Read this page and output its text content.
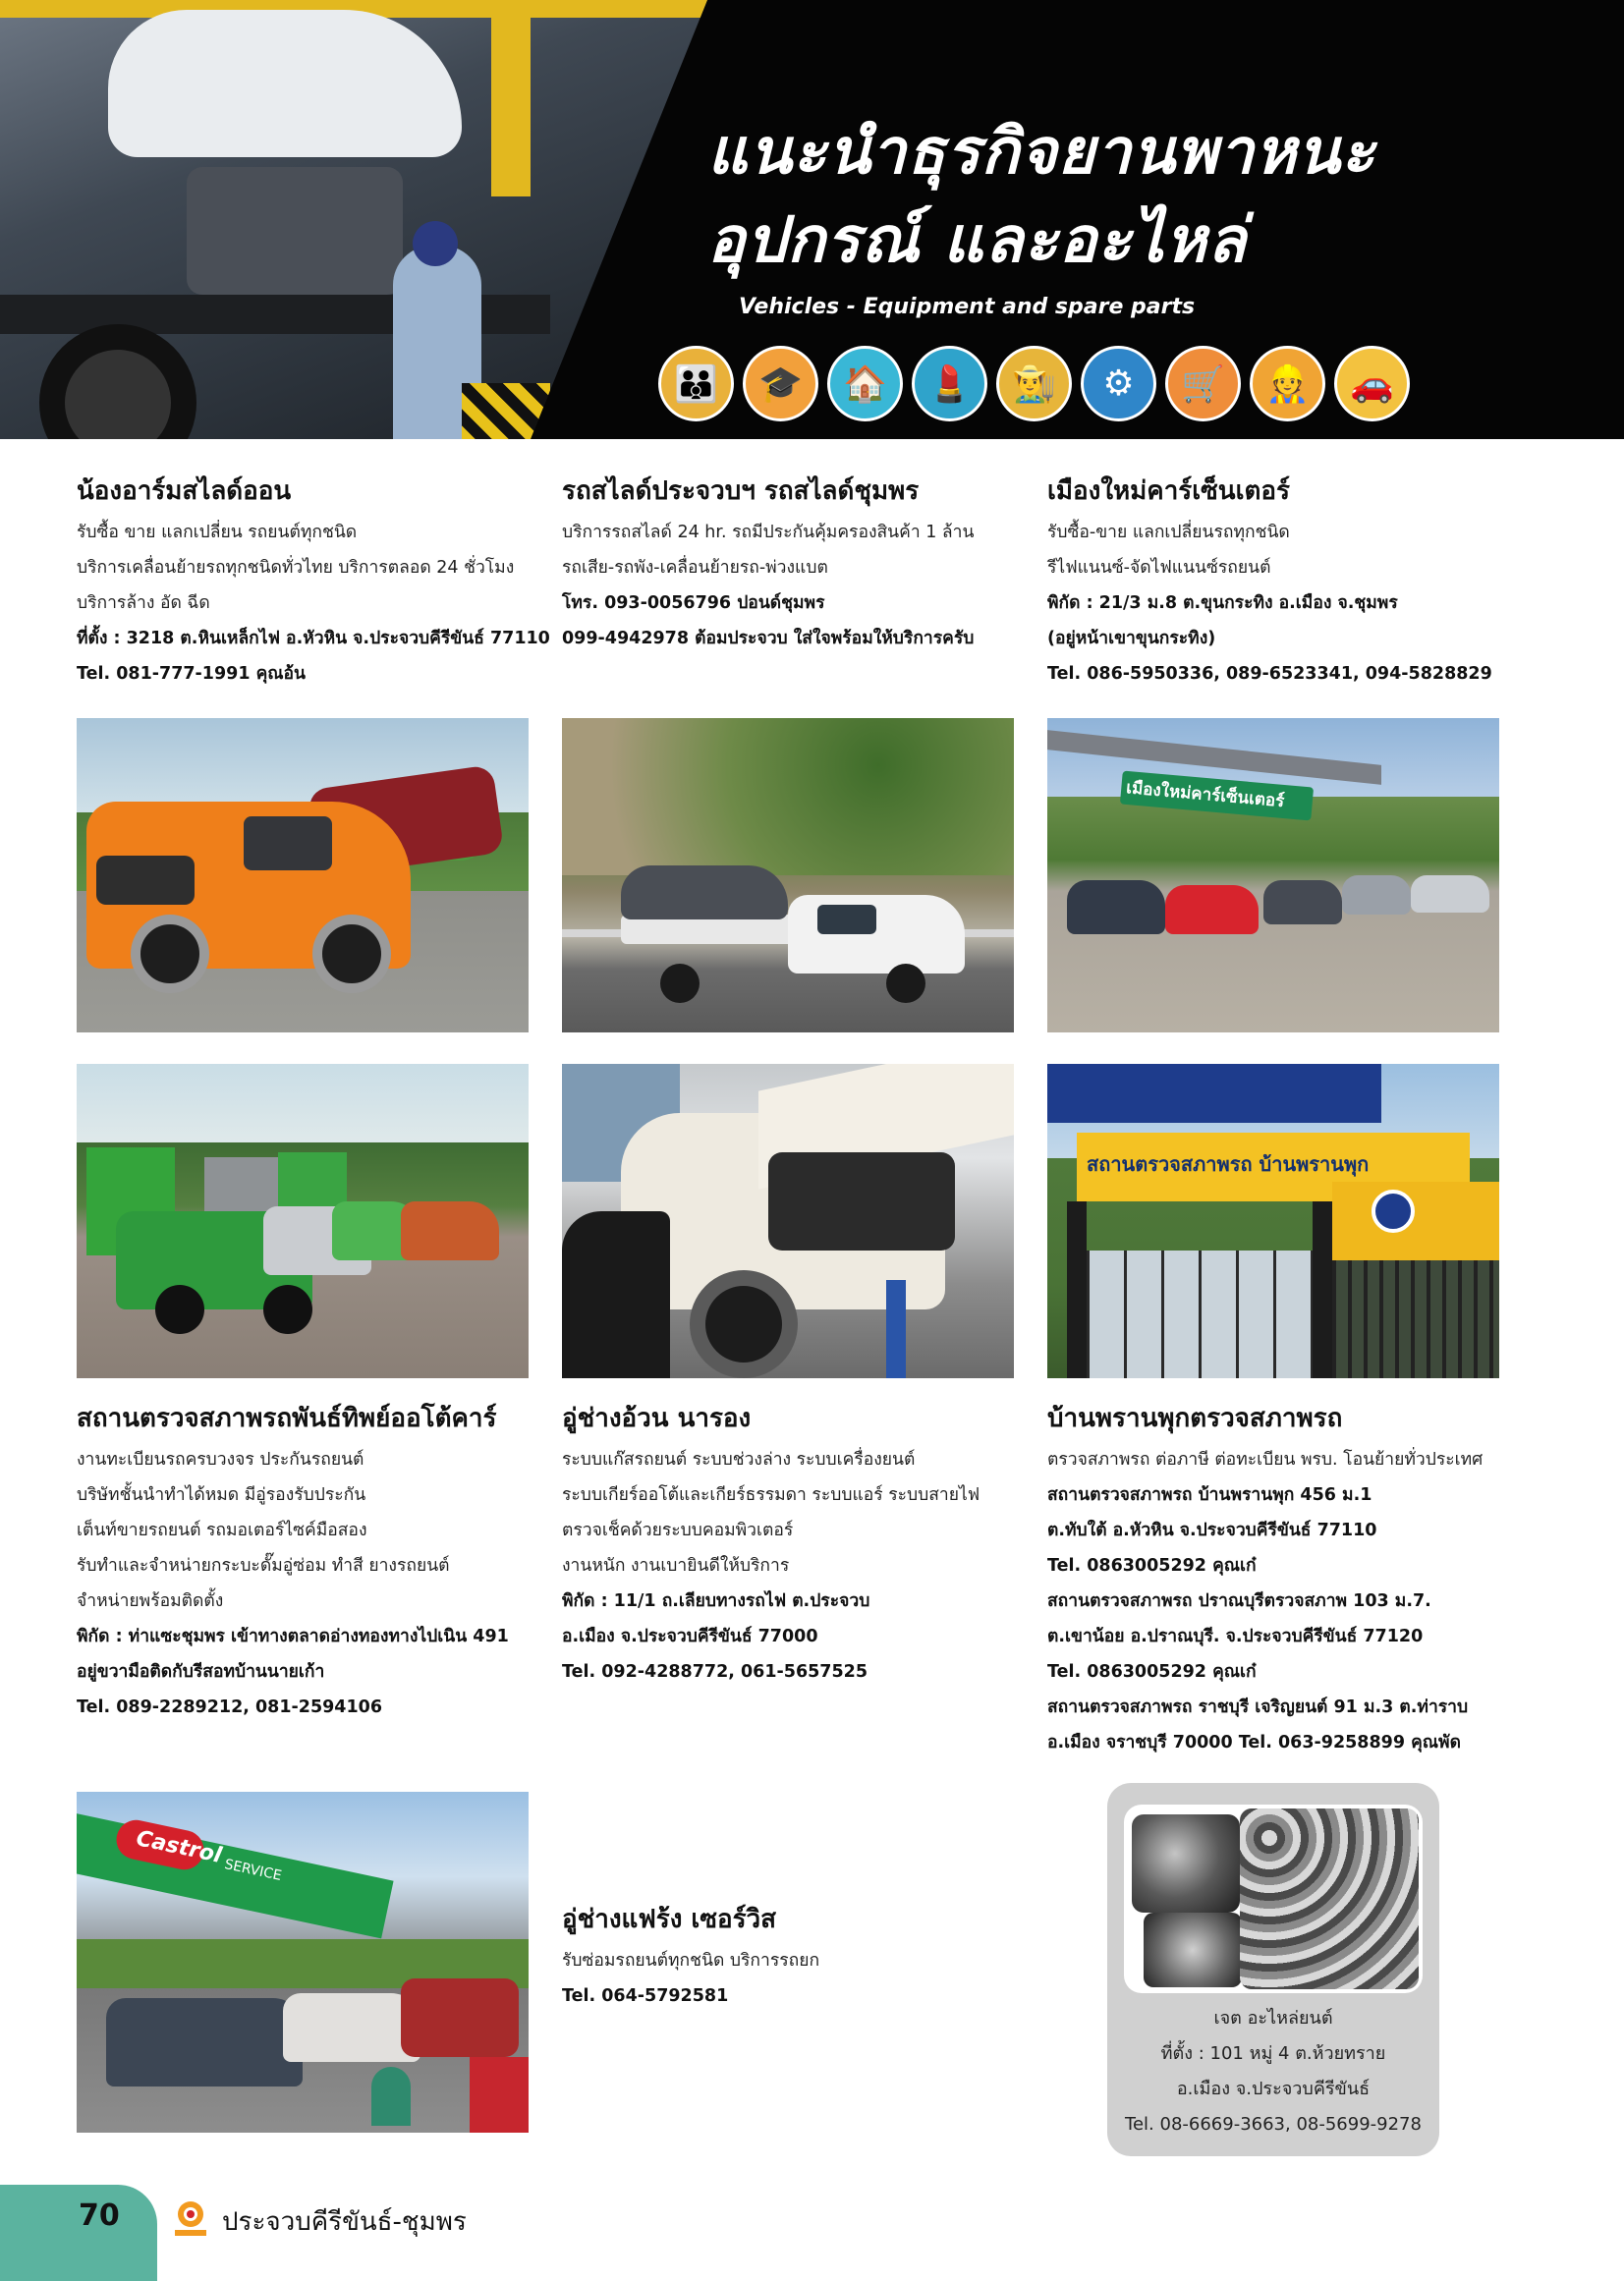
แนะนำธุรกิจยานพาหนะ
อุปกรณ์ และอะไหล่
Vehicles - Equipment and spare parts
👪	🎓	🏠	💄	👨‍🌾	⚙	🛒	👷	🚗
น้องอาร์มสไลด์ออน
รับซื้อ ขาย แลกเปลี่ยน รถยนต์ทุกชนิด
บริการเคลื่อนย้ายรถทุกชนิดทั่วไทย บริการตลอด 24 ชั่วโมง
บริการล้าง อัด ฉีด
ที่ตั้ง : 3218 ต.หินเหล็กไฟ อ.หัวหิน จ.ประจวบคีรีขันธ์ 77110
Tel. 081-777-1991 คุณอ้น
รถสไลด์ประจวบฯ รถสไลด์ชุมพร
บริการรถสไลด์ 24 hr. รถมีประกันคุ้มครองสินค้า 1 ล้าน
รถเสีย-รถพัง-เคลื่อนย้ายรถ-พ่วงแบต
โทร. 093-0056796 ปอนด์ชุมพร
099-4942978 ต้อมประจวบ ใส่ใจพร้อมให้บริการครับ
เมืองใหม่คาร์เซ็นเตอร์
รับซื้อ-ขาย แลกเปลี่ยนรถทุกชนิด
รีไฟแนนซ์-จัดไฟแนนซ์รถยนต์
พิกัด : 21/3 ม.8 ต.ขุนกระทิง อ.เมือง จ.ชุมพร
(อยู่หน้าเขาขุนกระทิง)
Tel. 086-5950336, 089-6523341, 094-5828829
เมืองใหม่คาร์เซ็นเตอร์
สถานตรวจสภาพรถ บ้านพรานพุก
สถานตรวจสภาพรถพันธ์ทิพย์ออโต้คาร์
งานทะเบียนรถครบวงจร ประกันรถยนต์
บริษัทชั้นนำทำได้หมด มีอู่รองรับประกัน
เต็นท์ขายรถยนต์ รถมอเตอร์ไซค์มือสอง
รับทำและจำหน่ายกระบะดั๊มอู่ซ่อม ทำสี ยางรถยนต์
จำหน่ายพร้อมติดตั้ง
พิกัด : ท่าแซะชุมพร เข้าทางตลาดอ่างทองทางไปเนิน 491
อยู่ขวามือติดกับรีสอทบ้านนายเก้า
Tel. 089-2289212, 081-2594106
อู่ช่างอ้วน นารอง
ระบบแก๊สรถยนต์ ระบบช่วงล่าง ระบบเครื่องยนต์
ระบบเกียร์ออโต้และเกียร์ธรรมดา ระบบแอร์ ระบบสายไฟ
ตรวจเช็คด้วยระบบคอมพิวเตอร์
งานหนัก งานเบายินดีให้บริการ
พิกัด : 11/1 ถ.เลียบทางรถไฟ ต.ประจวบ
อ.เมือง จ.ประจวบคีรีขันธ์ 77000
Tel. 092-4288772, 061-5657525
บ้านพรานพุกตรวจสภาพรถ
ตรวจสภาพรถ ต่อภาษี ต่อทะเบียน พรบ. โอนย้ายทั่วประเทศ
สถานตรวจสภาพรถ บ้านพรานพุก 456 ม.1
ต.ทับใต้ อ.หัวหิน จ.ประจวบคีรีขันธ์ 77110
Tel. 0863005292 คุณเก๋
สถานตรวจสภาพรถ ปราณบุรีตรวจสภาพ 103 ม.7.
ต.เขาน้อย อ.ปราณบุรี. จ.ประจวบคีรีขันธ์ 77120
Tel. 0863005292 คุณเก๋
สถานตรวจสภาพรถ ราชบุรี เจริญยนต์ 91 ม.3 ต.ท่าราบ
อ.เมือง จราชบุรี 70000 Tel. 063-9258899 คุณพัด
Castrol
SERVICE
อู่ช่างแฟร้ง เซอร์วิส
รับซ่อมรถยนต์ทุกชนิด บริการรถยก
Tel. 064-5792581
เจต อะไหล่ยนต์
ที่ตั้ง : 101 หมู่ 4 ต.ห้วยทราย
อ.เมือง จ.ประจวบคีรีขันธ์
Tel. 08-6669-3663, 08-5699-9278
70	ประจวบคีรีขันธ์-ชุมพร
